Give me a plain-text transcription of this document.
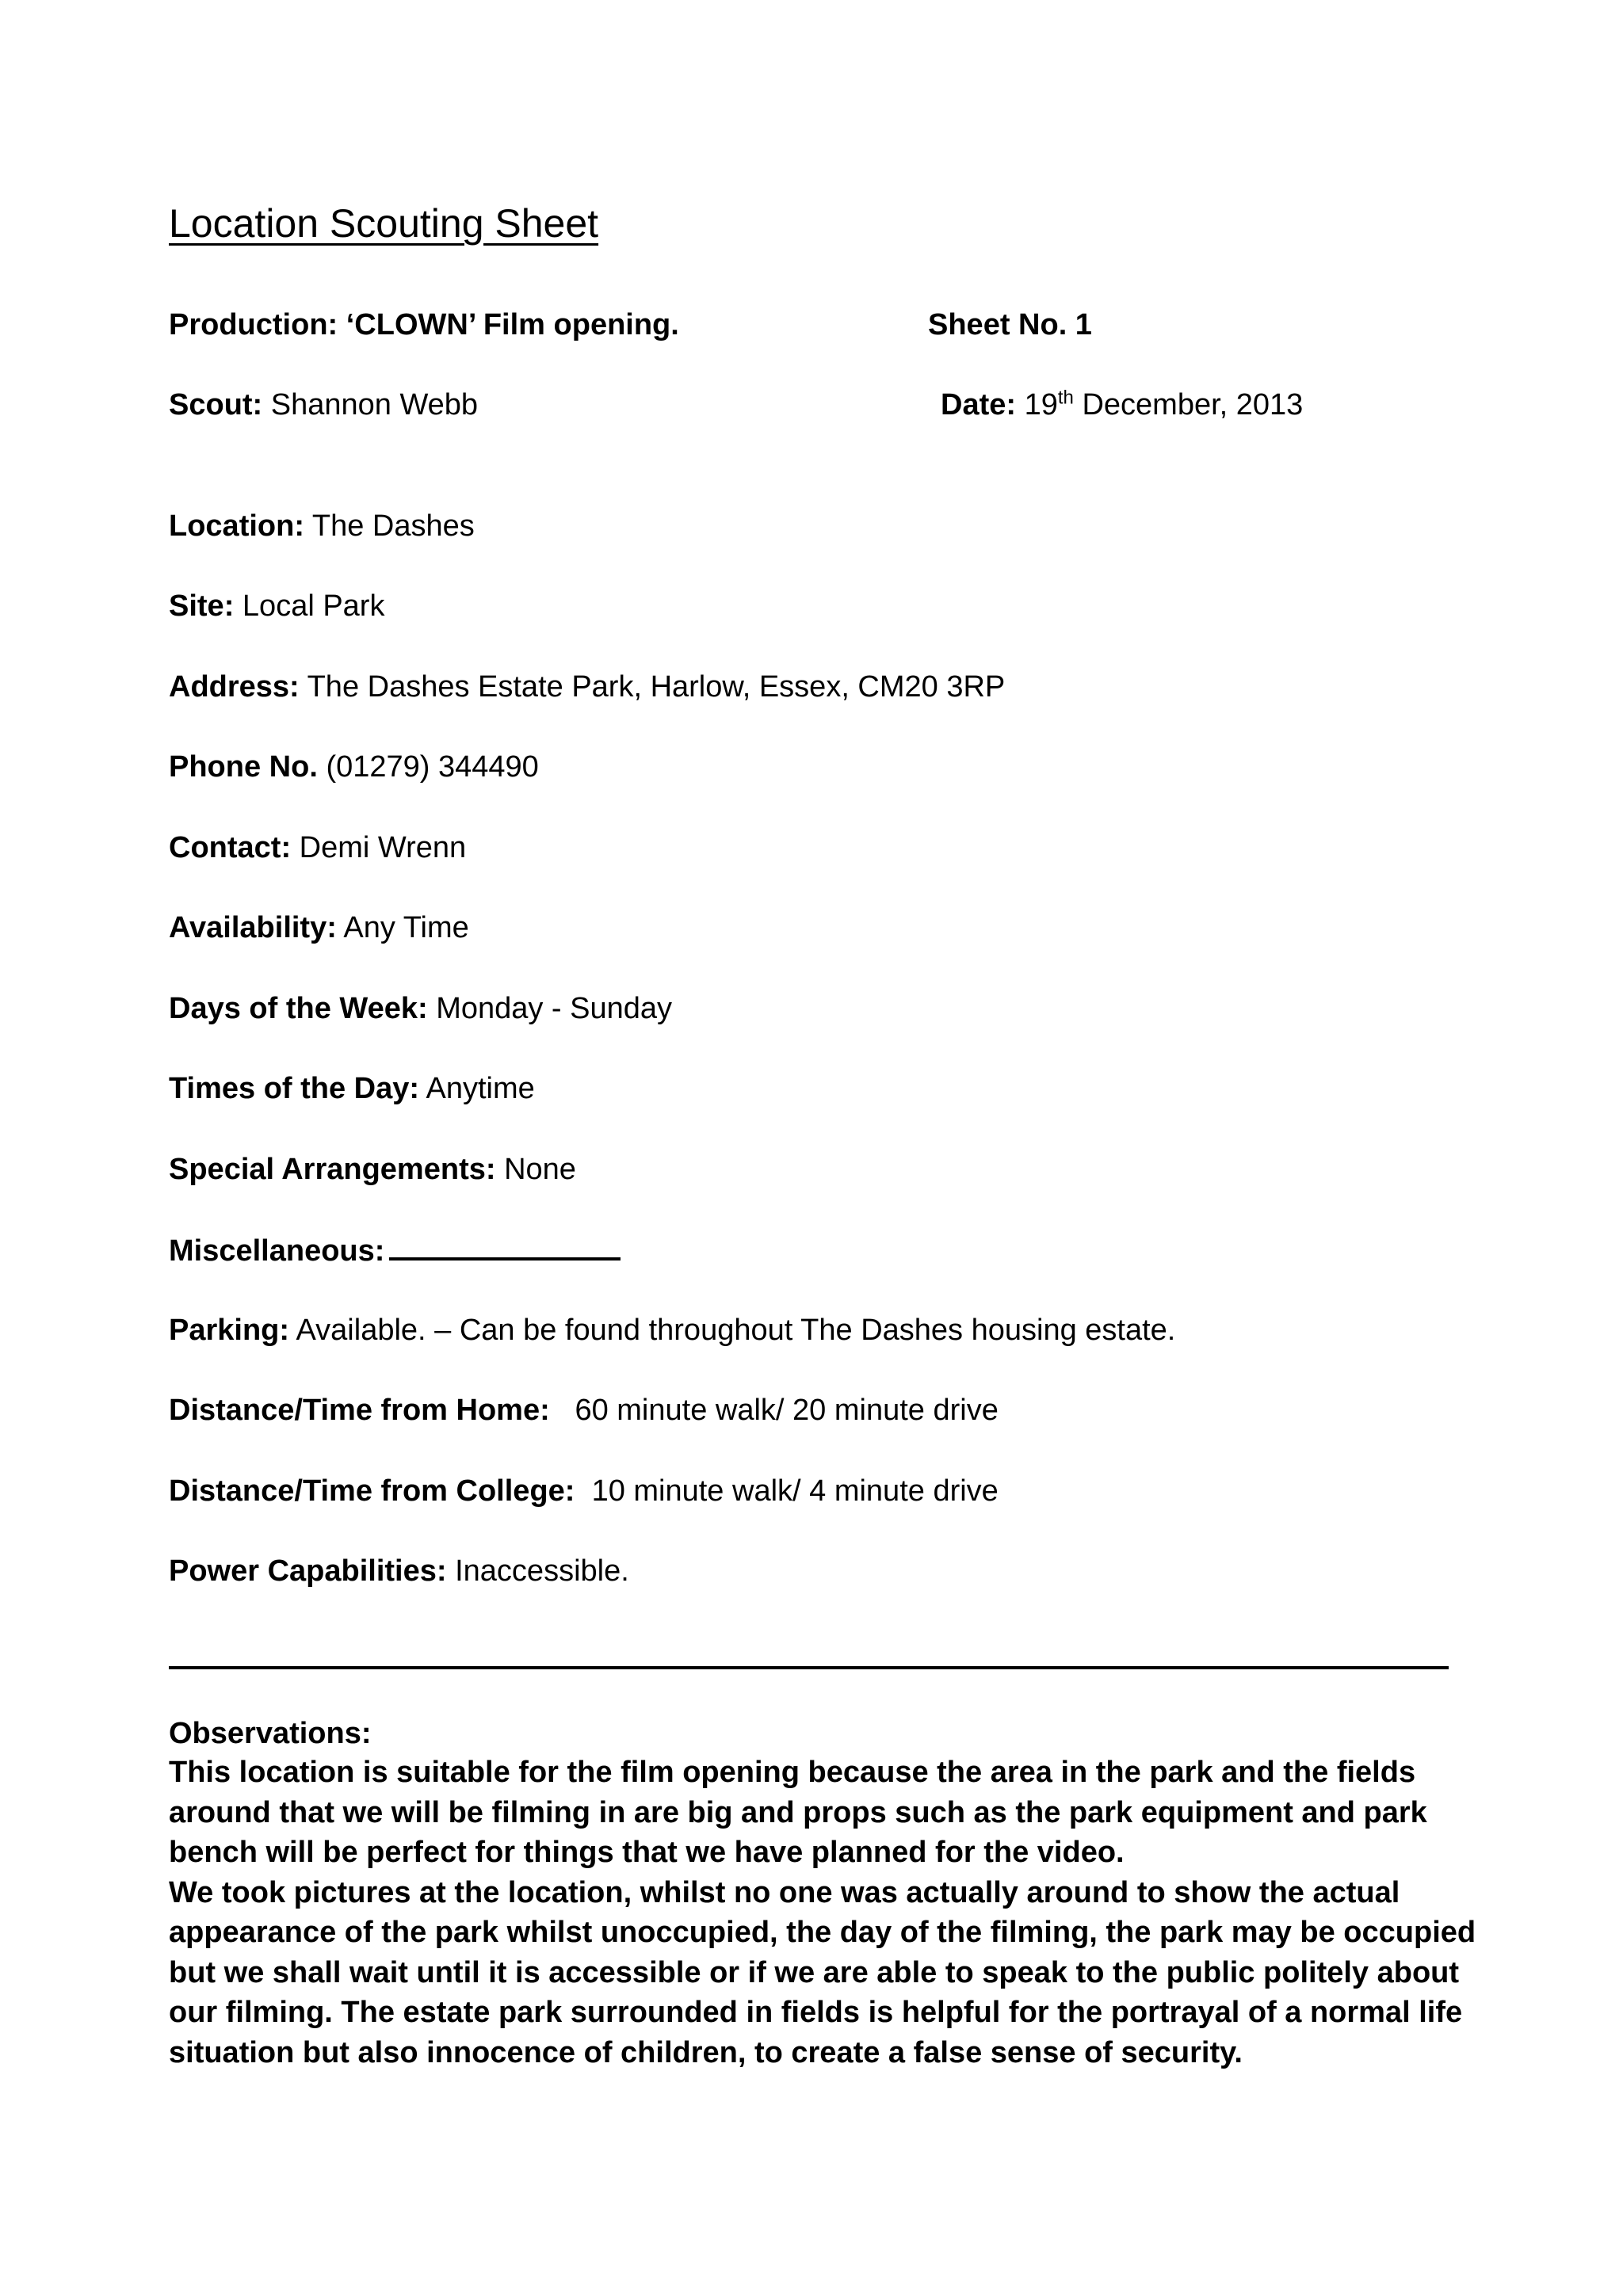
Location Scouting Sheet
Production: ‘CLOWN’ Film opening.	Sheet No. 1
Scout: Shannon Webb	Date: 19th December, 2013
Location: The Dashes
Site: Local Park
Address: The Dashes Estate Park, Harlow, Essex, CM20 3RP
Phone No. (01279) 344490
Contact: Demi Wrenn
Availability: Any Time
Days of the Week: Monday - Sunday
Times of the Day: Anytime
Special Arrangements: None
Miscellaneous:
Parking: Available. – Can be found throughout The Dashes housing estate.
Distance/Time from Home: 60 minute walk/ 20 minute drive
Distance/Time from College: 10 minute walk/ 4 minute drive
Power Capabilities: Inaccessible.
Observations:
This location is suitable for the film opening because the area in the park and the fields
around that we will be filming in are big and props such as the park equipment and park
bench will be perfect for things that we have planned for the video.
We took pictures at the location, whilst no one was actually around to show the actual
appearance of the park whilst unoccupied, the day of the filming, the park may be occupied
but we shall wait until it is accessible or if we are able to speak to the public politely about
our filming. The estate park surrounded in fields is helpful for the portrayal of a normal life
situation but also innocence of children, to create a false sense of security.
